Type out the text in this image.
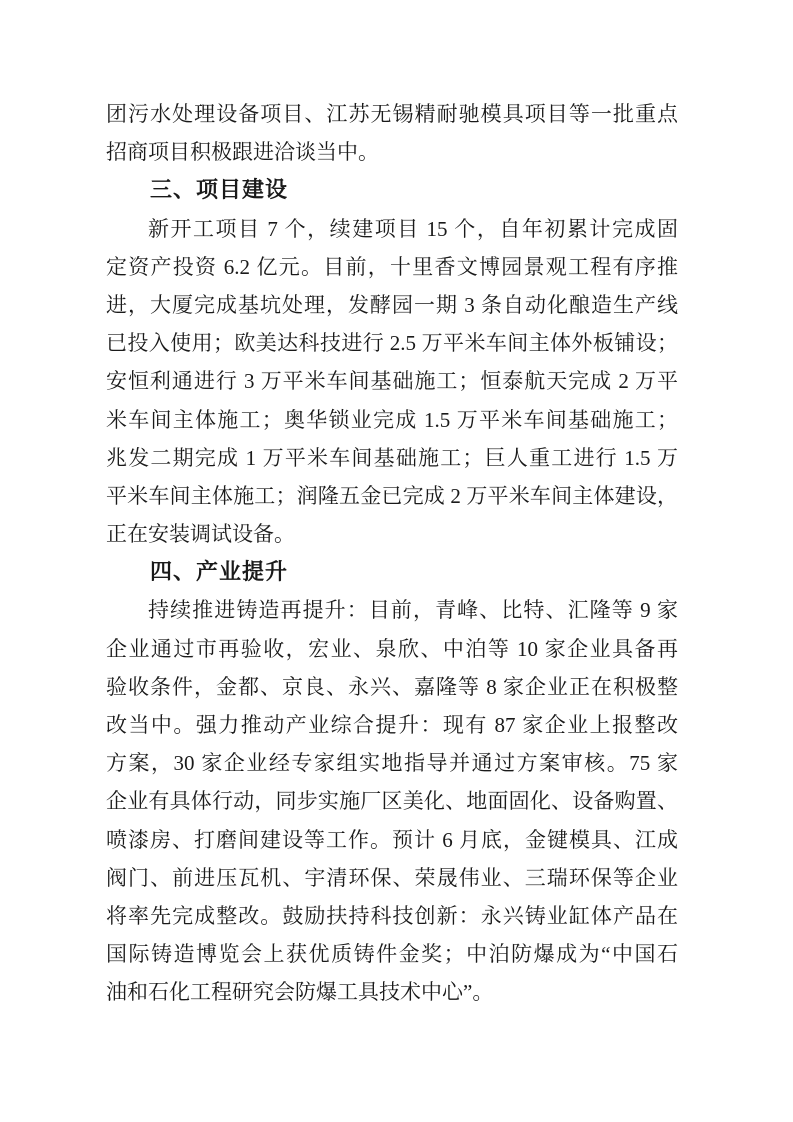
团污水处理设备项目、江苏无锡精耐驰模具项目等一批重点
招商项目积极跟进洽谈当中。
三、项目建设
新开工项目 7 个，续建项目 15 个，自年初累计完成固
定资产投资 6.2 亿元。目前，十里香文博园景观工程有序推
进，大厦完成基坑处理，发酵园一期 3 条自动化酿造生产线
已投入使用；欧美达科技进行 2.5 万平米车间主体外板铺设；
安恒利通进行 3 万平米车间基础施工；恒泰航天完成 2 万平
米车间主体施工；奥华锁业完成 1.5 万平米车间基础施工；
兆发二期完成 1 万平米车间基础施工；巨人重工进行 1.5 万
平米车间主体施工；润隆五金已完成 2 万平米车间主体建设，
正在安装调试设备。
四、产业提升
持续推进铸造再提升：目前，青峰、比特、汇隆等 9 家
企业通过市再验收，宏业、泉欣、中泊等 10 家企业具备再
验收条件，金都、京良、永兴、嘉隆等 8 家企业正在积极整
改当中。强力推动产业综合提升：现有 87 家企业上报整改
方案，30 家企业经专家组实地指导并通过方案审核。75 家
企业有具体行动，同步实施厂区美化、地面固化、设备购置、
喷漆房、打磨间建设等工作。预计 6 月底，金键模具、江成
阀门、前进压瓦机、宇清环保、荣晟伟业、三瑞环保等企业
将率先完成整改。鼓励扶持科技创新：永兴铸业缸体产品在
国际铸造博览会上获优质铸件金奖；中泊防爆成为“中国石
油和石化工程研究会防爆工具技术中心”。
